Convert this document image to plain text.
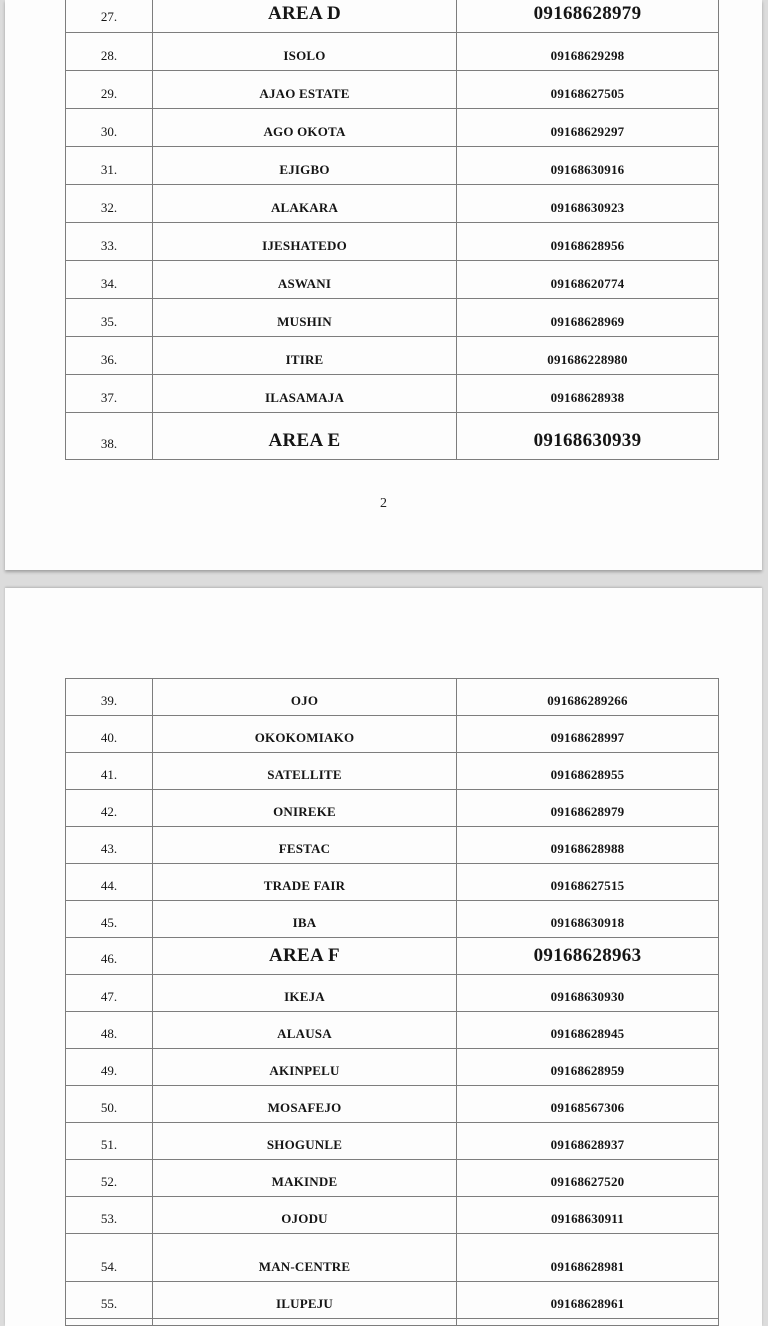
27.	AREA D	09168628979
28.	ISOLO	09168629298
29.	AJAO ESTATE	09168627505
30.	AGO OKOTA	09168629297
31.	EJIGBO	09168630916
32.	ALAKARA	09168630923
33.	IJESHATEDO	09168628956
34.	ASWANI	09168620774
35.	MUSHIN	09168628969
36.	ITIRE	091686228980
37.	ILASAMAJA	09168628938
38.	AREA E	09168630939
2
39.	OJO	091686289266
40.	OKOKOMIAKO	09168628997
41.	SATELLITE	09168628955
42.	ONIREKE	09168628979
43.	FESTAC	09168628988
44.	TRADE FAIR	09168627515
45.	IBA	09168630918
46.	AREA F	09168628963
47.	IKEJA	09168630930
48.	ALAUSA	09168628945
49.	AKINPELU	09168628959
50.	MOSAFEJO	09168567306
51.	SHOGUNLE	09168628937
52.	MAKINDE	09168627520
53.	OJODU	09168630911
54.	MAN-CENTRE	09168628981
55.	ILUPEJU	09168628961
